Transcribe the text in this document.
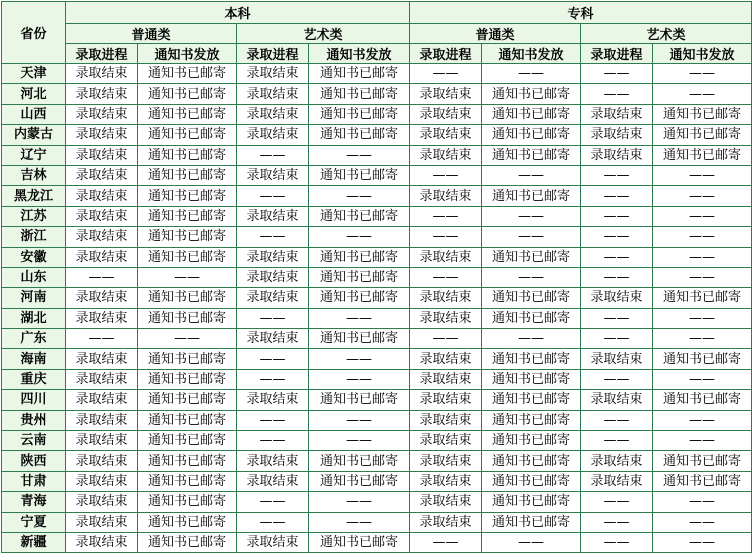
省份	本科				专科			
	普通类		艺术类		普通类		艺术类	
	录取进程	通知书发放	录取进程	通知书发放	录取进程	通知书发放	录取进程	通知书发放
天津	录取结束	通知书已邮寄	录取结束	通知书已邮寄	——	——	——	——
河北	录取结束	通知书已邮寄	录取结束	通知书已邮寄	录取结束	通知书已邮寄	——	——
山西	录取结束	通知书已邮寄	录取结束	通知书已邮寄	录取结束	通知书已邮寄	录取结束	通知书已邮寄
内蒙古	录取结束	通知书已邮寄	录取结束	通知书已邮寄	录取结束	通知书已邮寄	录取结束	通知书已邮寄
辽宁	录取结束	通知书已邮寄	——	——	录取结束	通知书已邮寄	录取结束	通知书已邮寄
吉林	录取结束	通知书已邮寄	录取结束	通知书已邮寄	——	——	——	——
黑龙江	录取结束	通知书已邮寄	——	——	录取结束	通知书已邮寄	——	——
江苏	录取结束	通知书已邮寄	录取结束	通知书已邮寄	——	——	——	——
浙江	录取结束	通知书已邮寄	——	——	——	——	——	——
安徽	录取结束	通知书已邮寄	录取结束	通知书已邮寄	录取结束	通知书已邮寄	——	——
山东	——	——	录取结束	通知书已邮寄	——	——	——	——
河南	录取结束	通知书已邮寄	录取结束	通知书已邮寄	录取结束	通知书已邮寄	录取结束	通知书已邮寄
湖北	录取结束	通知书已邮寄	——	——	录取结束	通知书已邮寄	——	——
广东	——	——	录取结束	通知书已邮寄	——	——	——	——
海南	录取结束	通知书已邮寄	——	——	录取结束	通知书已邮寄	录取结束	通知书已邮寄
重庆	录取结束	通知书已邮寄	——	——	录取结束	通知书已邮寄	——	——
四川	录取结束	通知书已邮寄	录取结束	通知书已邮寄	录取结束	通知书已邮寄	录取结束	通知书已邮寄
贵州	录取结束	通知书已邮寄	——	——	录取结束	通知书已邮寄	——	——
云南	录取结束	通知书已邮寄	——	——	录取结束	通知书已邮寄	——	——
陕西	录取结束	通知书已邮寄	录取结束	通知书已邮寄	录取结束	通知书已邮寄	录取结束	通知书已邮寄
甘肃	录取结束	通知书已邮寄	录取结束	通知书已邮寄	录取结束	通知书已邮寄	录取结束	通知书已邮寄
青海	录取结束	通知书已邮寄	——	——	录取结束	通知书已邮寄	——	——
宁夏	录取结束	通知书已邮寄	——	——	录取结束	通知书已邮寄	——	——
新疆	录取结束	通知书已邮寄	录取结束	通知书已邮寄	——	——	——	——
